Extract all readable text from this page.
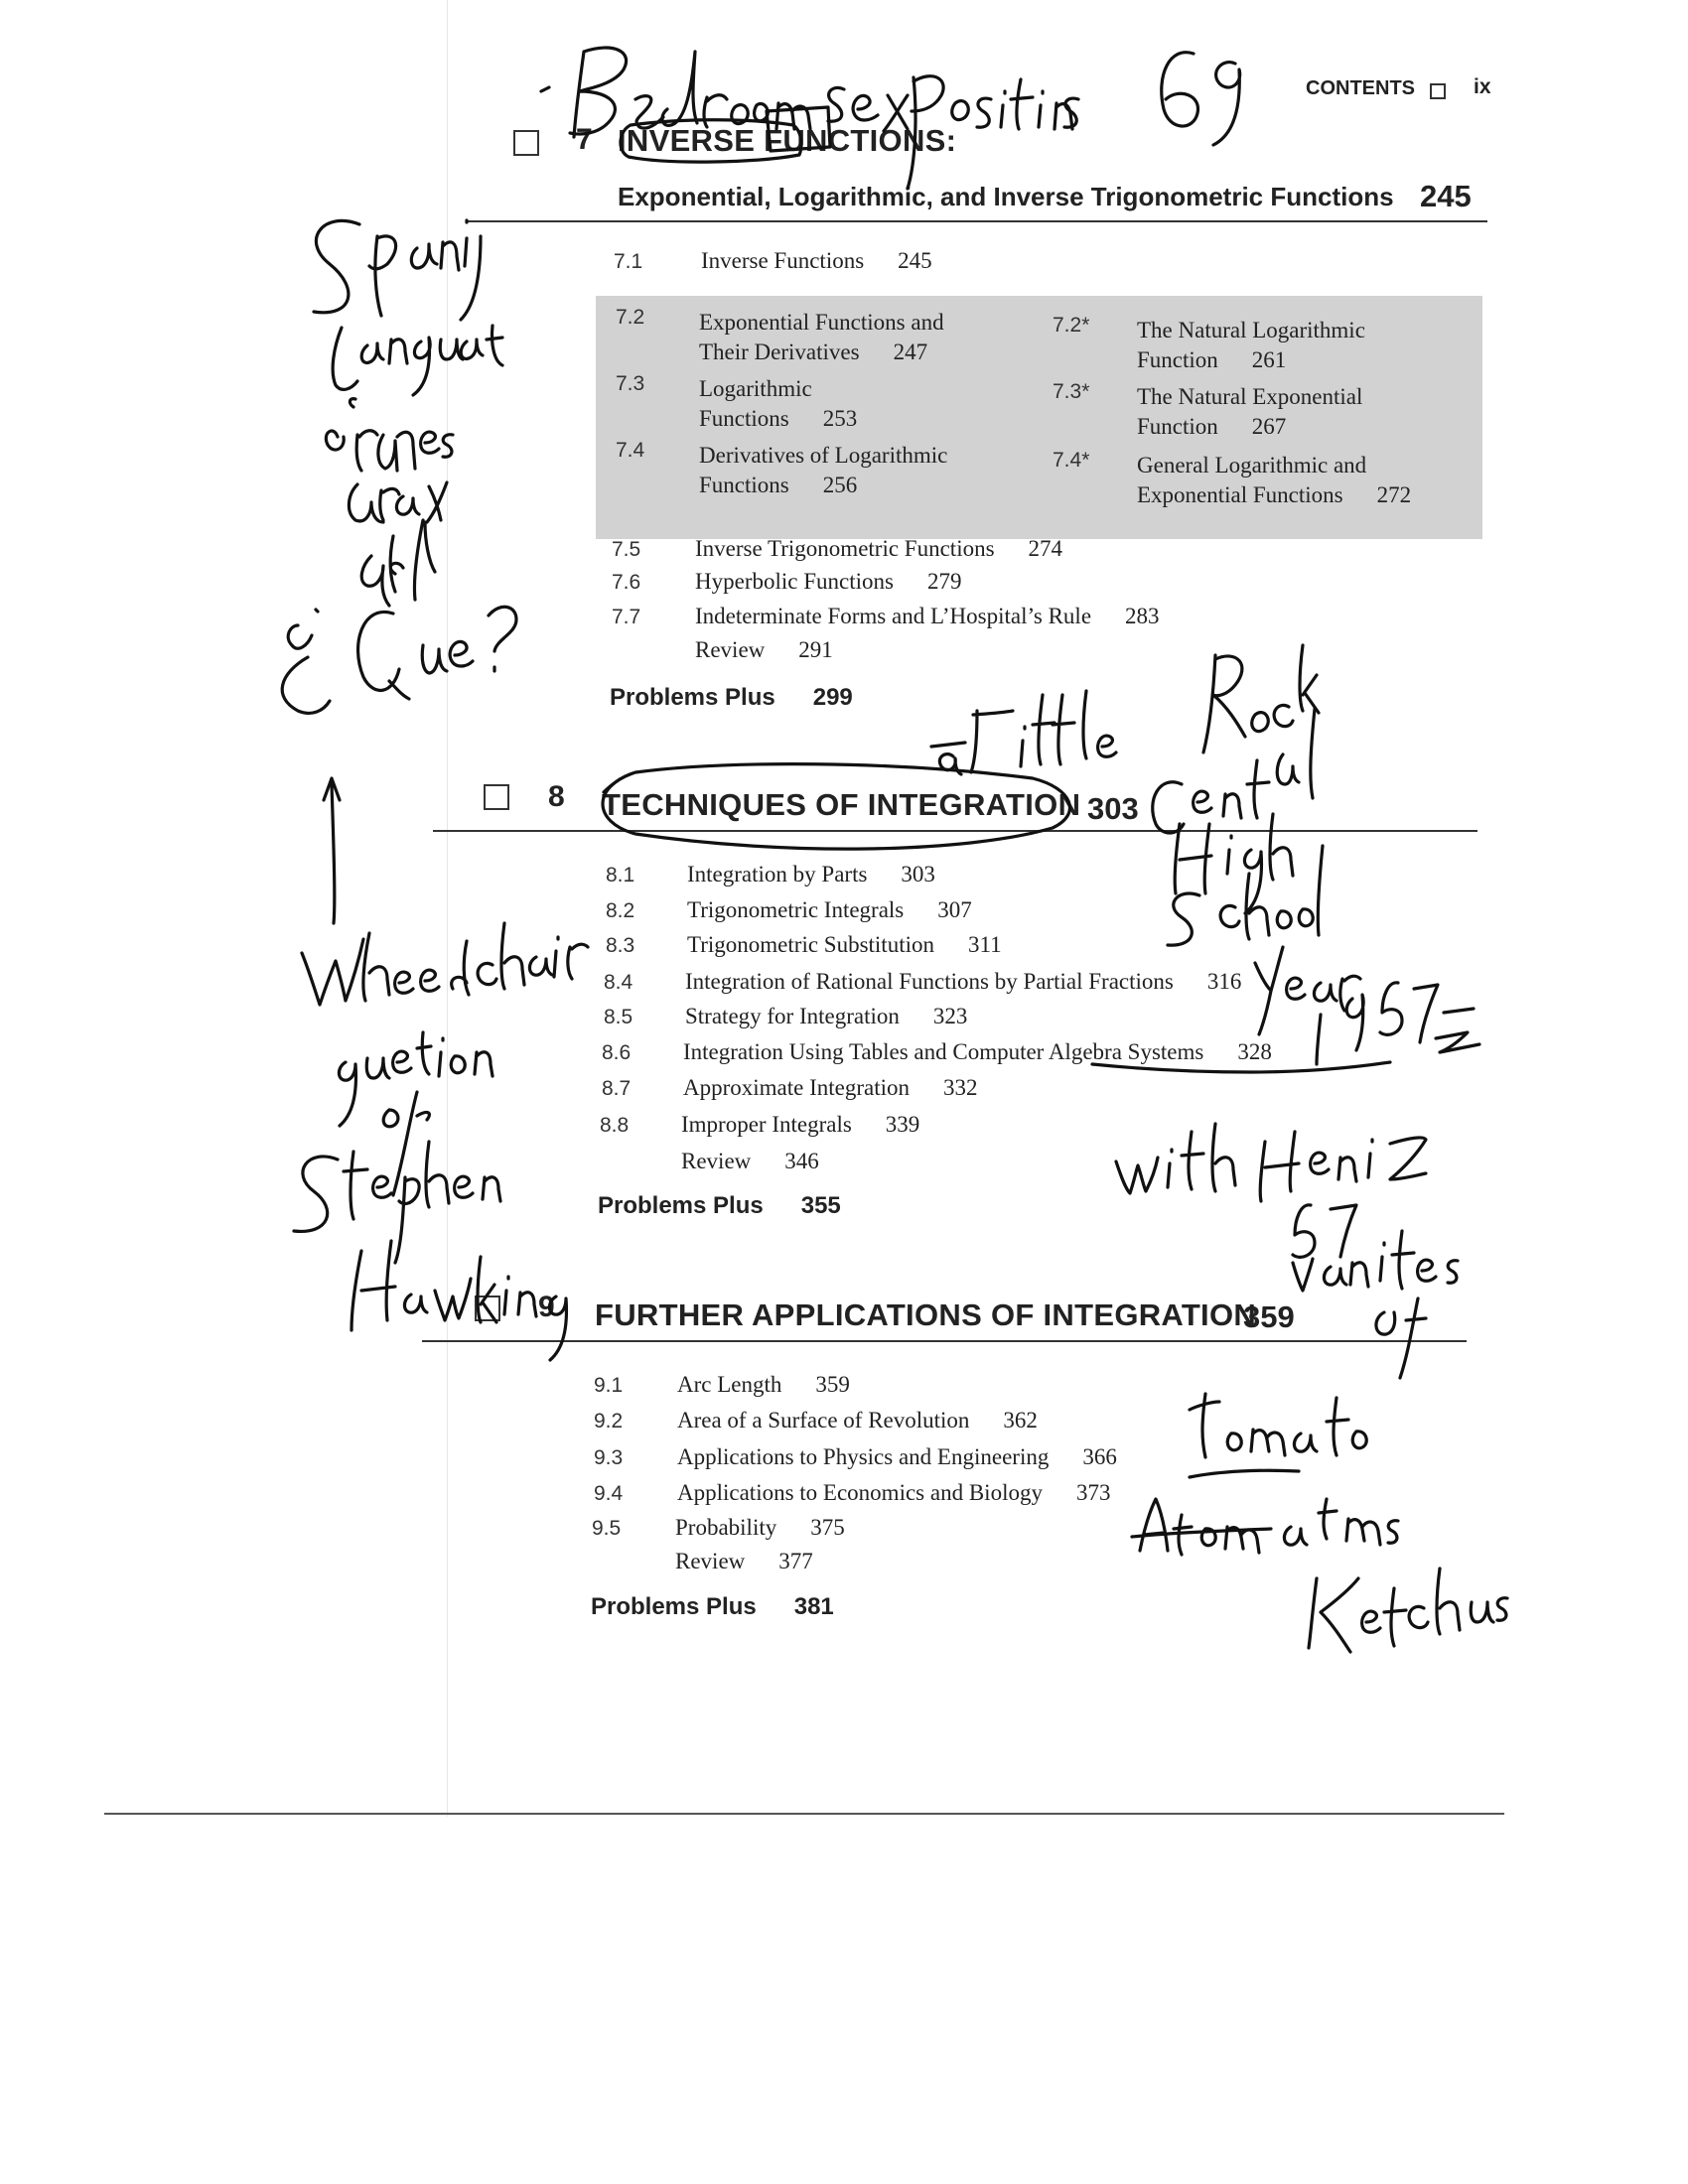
CONTENTS	ix
7 INVERSE FUNCTIONS:
Exponential, Logarithmic, and Inverse Trigonometric Functions 245
7.1	Inverse Functions 245
7.2 Exponential Functions and
Their Derivatives 247
7.3 Logarithmic
Functions 253
7.4 Derivatives of Logarithmic
Functions 256
7.2* The Natural Logarithmic
Function 261
7.3* The Natural Exponential
Function 267
7.4* General Logarithmic and
Exponential Functions 272
7.5 Inverse Trigonometric Functions 274
7.6 Hyperbolic Functions 279
7.7 Indeterminate Forms and L’Hospital’s Rule 283
Review 291
Problems Plus 299
8 TECHNIQUES OF INTEGRATION 303
8.1 Integration by Parts 303
8.2 Trigonometric Integrals 307
8.3 Trigonometric Substitution 311
8.4 Integration of Rational Functions by Partial Fractions 316
8.5 Strategy for Integration 323
8.6 Integration Using Tables and Computer Algebra Systems 328
8.7 Approximate Integration 332
8.8 Improper Integrals 339
Review 346
Problems Plus 355
9 FURTHER APPLICATIONS OF INTEGRATION
359
9.1 Arc Length 359
9.2 Area of a Surface of Revolution 362
9.3 Applications to Physics and Engineering 366
9.4 Applications to Economics and Biology 373
9.5 Probability 375
Review 377
Problems Plus 381
